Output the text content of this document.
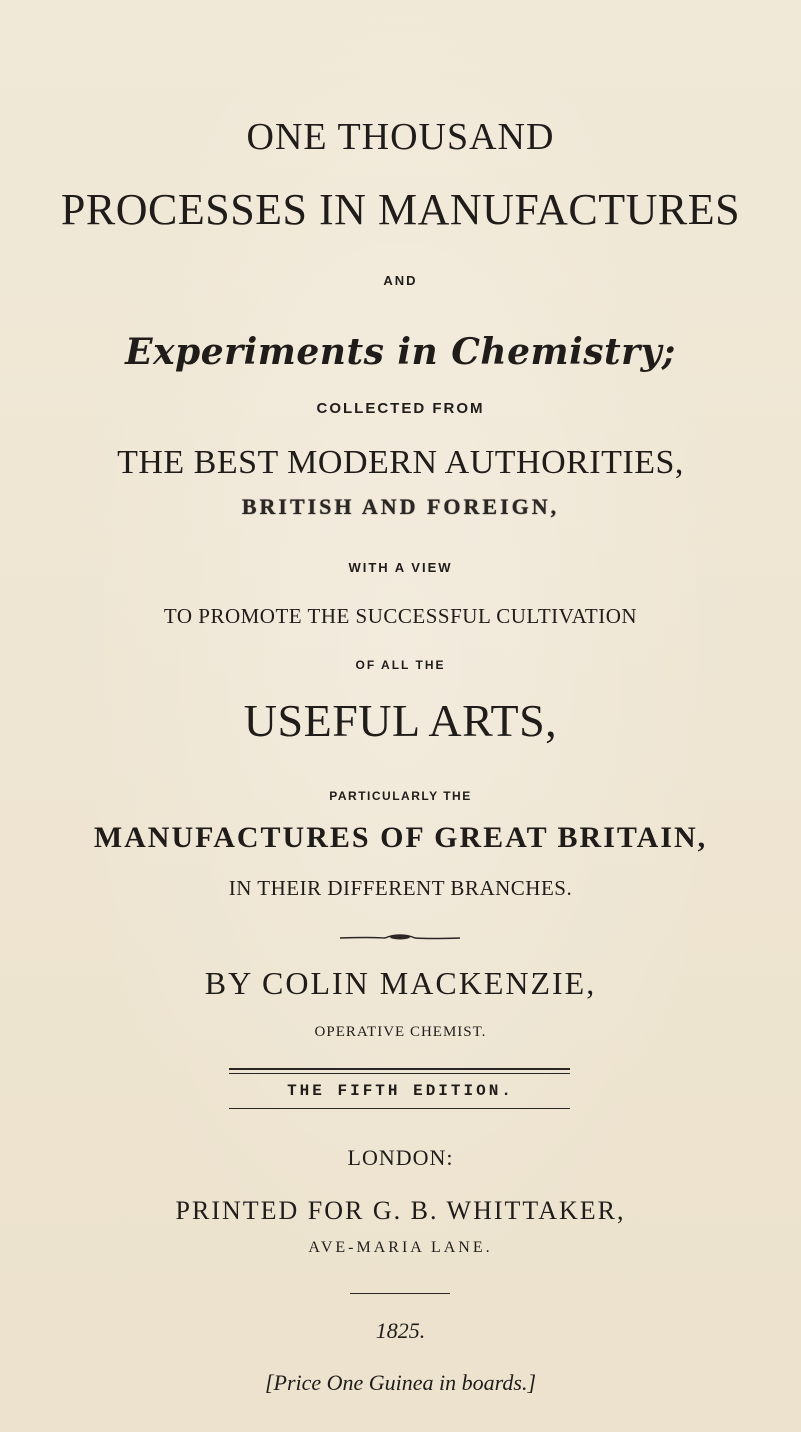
ONE THOUSAND
PROCESSES IN MANUFACTURES
AND
Experiments in Chemistry;
COLLECTED FROM
THE BEST MODERN AUTHORITIES,
BRITISH AND FOREIGN,
WITH A VIEW
TO PROMOTE THE SUCCESSFUL CULTIVATION
OF ALL THE
USEFUL ARTS,
PARTICULARLY THE
MANUFACTURES OF GREAT BRITAIN,
IN THEIR DIFFERENT BRANCHES.
BY COLIN MACKENZIE,
OPERATIVE CHEMIST.
THE FIFTH EDITION.
LONDON:
PRINTED FOR G. B. WHITTAKER,
AVE-MARIA LANE.
1825.
[Price One Guinea in boards.]
